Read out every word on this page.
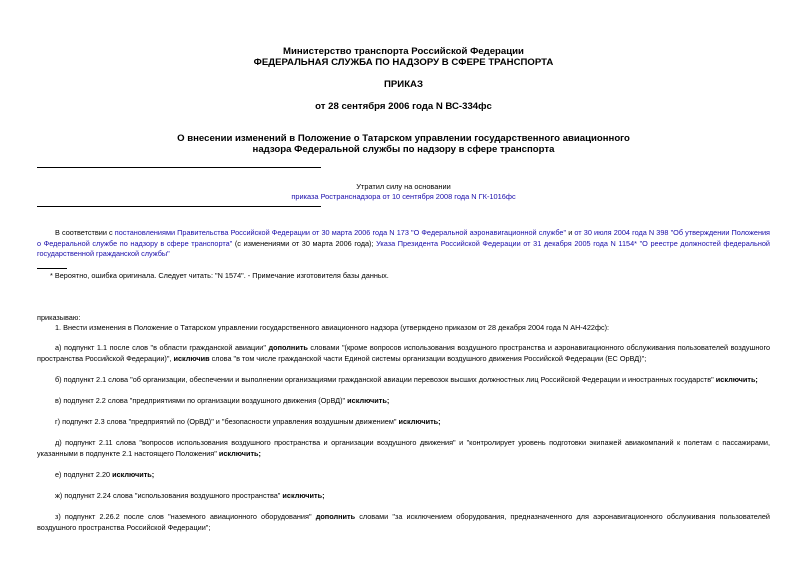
Министерство транспорта Российской Федерации
ФЕДЕРАЛЬНАЯ СЛУЖБА ПО НАДЗОРУ В СФЕРЕ ТРАНСПОРТА
ПРИКАЗ
от 28 сентября 2006 года N ВС-334фс
О внесении изменений в Положение о Татарском управлении государственного авиационного
надзора Федеральной службы по надзору в сфере транспорта
Утратил силу на основании
приказа Ространснадзора от 10 сентября 2008 года N ГК-1016фс
В соответствии с постановлениями Правительства Российской Федерации от 30 марта 2006 года N 173 "О Федеральной аэронавигационной службе" и от 30 июля 2004 года N 398 "Об утверждении Положения о Федеральной службе по надзору в сфере транспорта" (с изменениями от 30 марта 2006 года); Указа Президента Российской Федерации от 31 декабря 2005 года N 1154* "О реестре должностей федеральной государственной гражданской службы"
* Вероятно, ошибка оригинала. Следует читать: "N 1574". - Примечание изготовителя базы данных.
приказываю:
1. Внести изменения в Положение о Татарском управлении государственного авиационного надзора (утверждено приказом от 28 декабря 2004 года N АН-422фс):
а) подпункт 1.1 после слов "в области гражданской авиации" дополнить словами "(кроме вопросов использования воздушного пространства и аэронавигационного обслуживания пользователей воздушного пространства Российской Федерации)", исключив слова "в том числе гражданской части Единой системы организации воздушного движения Российской Федерации (ЕС ОрВД)";
б) подпункт 2.1 слова "об организации, обеспечении и выполнении организациями гражданской авиации перевозок высших должностных лиц Российской Федерации и иностранных государств" исключить;
в) подпункт 2.2 слова "предприятиями по организации воздушного движения (ОрВД)" исключить;
г) подпункт 2.3 слова "предприятий по (ОрВД)" и "безопасности управления воздушным движением" исключить;
д) подпункт 2.11 слова "вопросов использования воздушного пространства и организации воздушного движения" и "контролирует уровень подготовки экипажей авиакомпаний к полетам с пассажирами, указанными в подпункте 2.1 настоящего Положения" исключить;
е) подпункт 2.20 исключить;
ж) подпункт 2.24 слова "использования воздушного пространства" исключить;
з) подпункт 2.26.2 после слов "наземного авиационного оборудования" дополнить словами "за исключением оборудования, предназначенного для аэронавигационного обслуживания пользователей воздушного пространства Российской Федерации";
